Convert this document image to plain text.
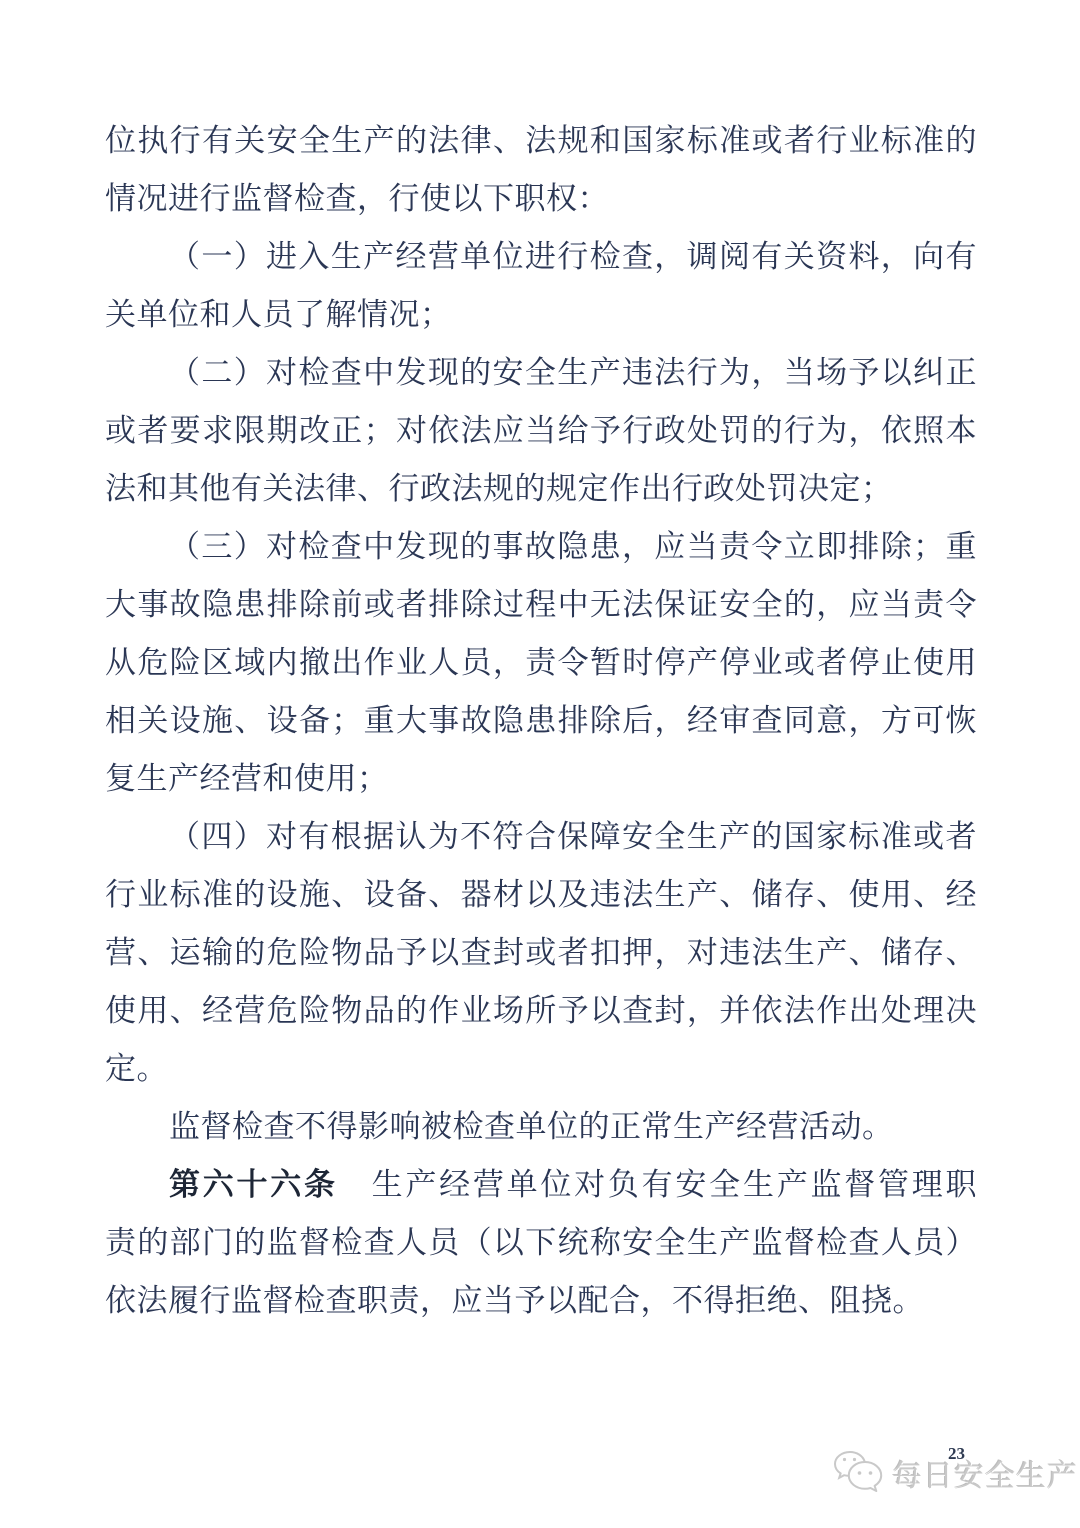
位执行有关安全生产的法律、法规和国家标准或者行业标准的
情况进行监督检查，行使以下职权：
（一）进入生产经营单位进行检查，调阅有关资料，向有
关单位和人员了解情况；
（二）对检查中发现的安全生产违法行为，当场予以纠正
或者要求限期改正；对依法应当给予行政处罚的行为，依照本
法和其他有关法律、行政法规的规定作出行政处罚决定；
（三）对检查中发现的事故隐患，应当责令立即排除；重
大事故隐患排除前或者排除过程中无法保证安全的，应当责令
从危险区域内撤出作业人员，责令暂时停产停业或者停止使用
相关设施、设备；重大事故隐患排除后，经审查同意，方可恢
复生产经营和使用；
（四）对有根据认为不符合保障安全生产的国家标准或者
行业标准的设施、设备、器材以及违法生产、储存、使用、经
营、运输的危险物品予以查封或者扣押，对违法生产、储存、
使用、经营危险物品的作业场所予以查封，并依法作出处理决
定。
监督检查不得影响被检查单位的正常生产经营活动。
第六十六条　 生产经营单位对负有安全生产监督管理职
责的部门的监督检查人员（以下统称安全生产监督检查人员）
依法履行监督检查职责，应当予以配合，不得拒绝、阻挠。
23
每日安全生产
